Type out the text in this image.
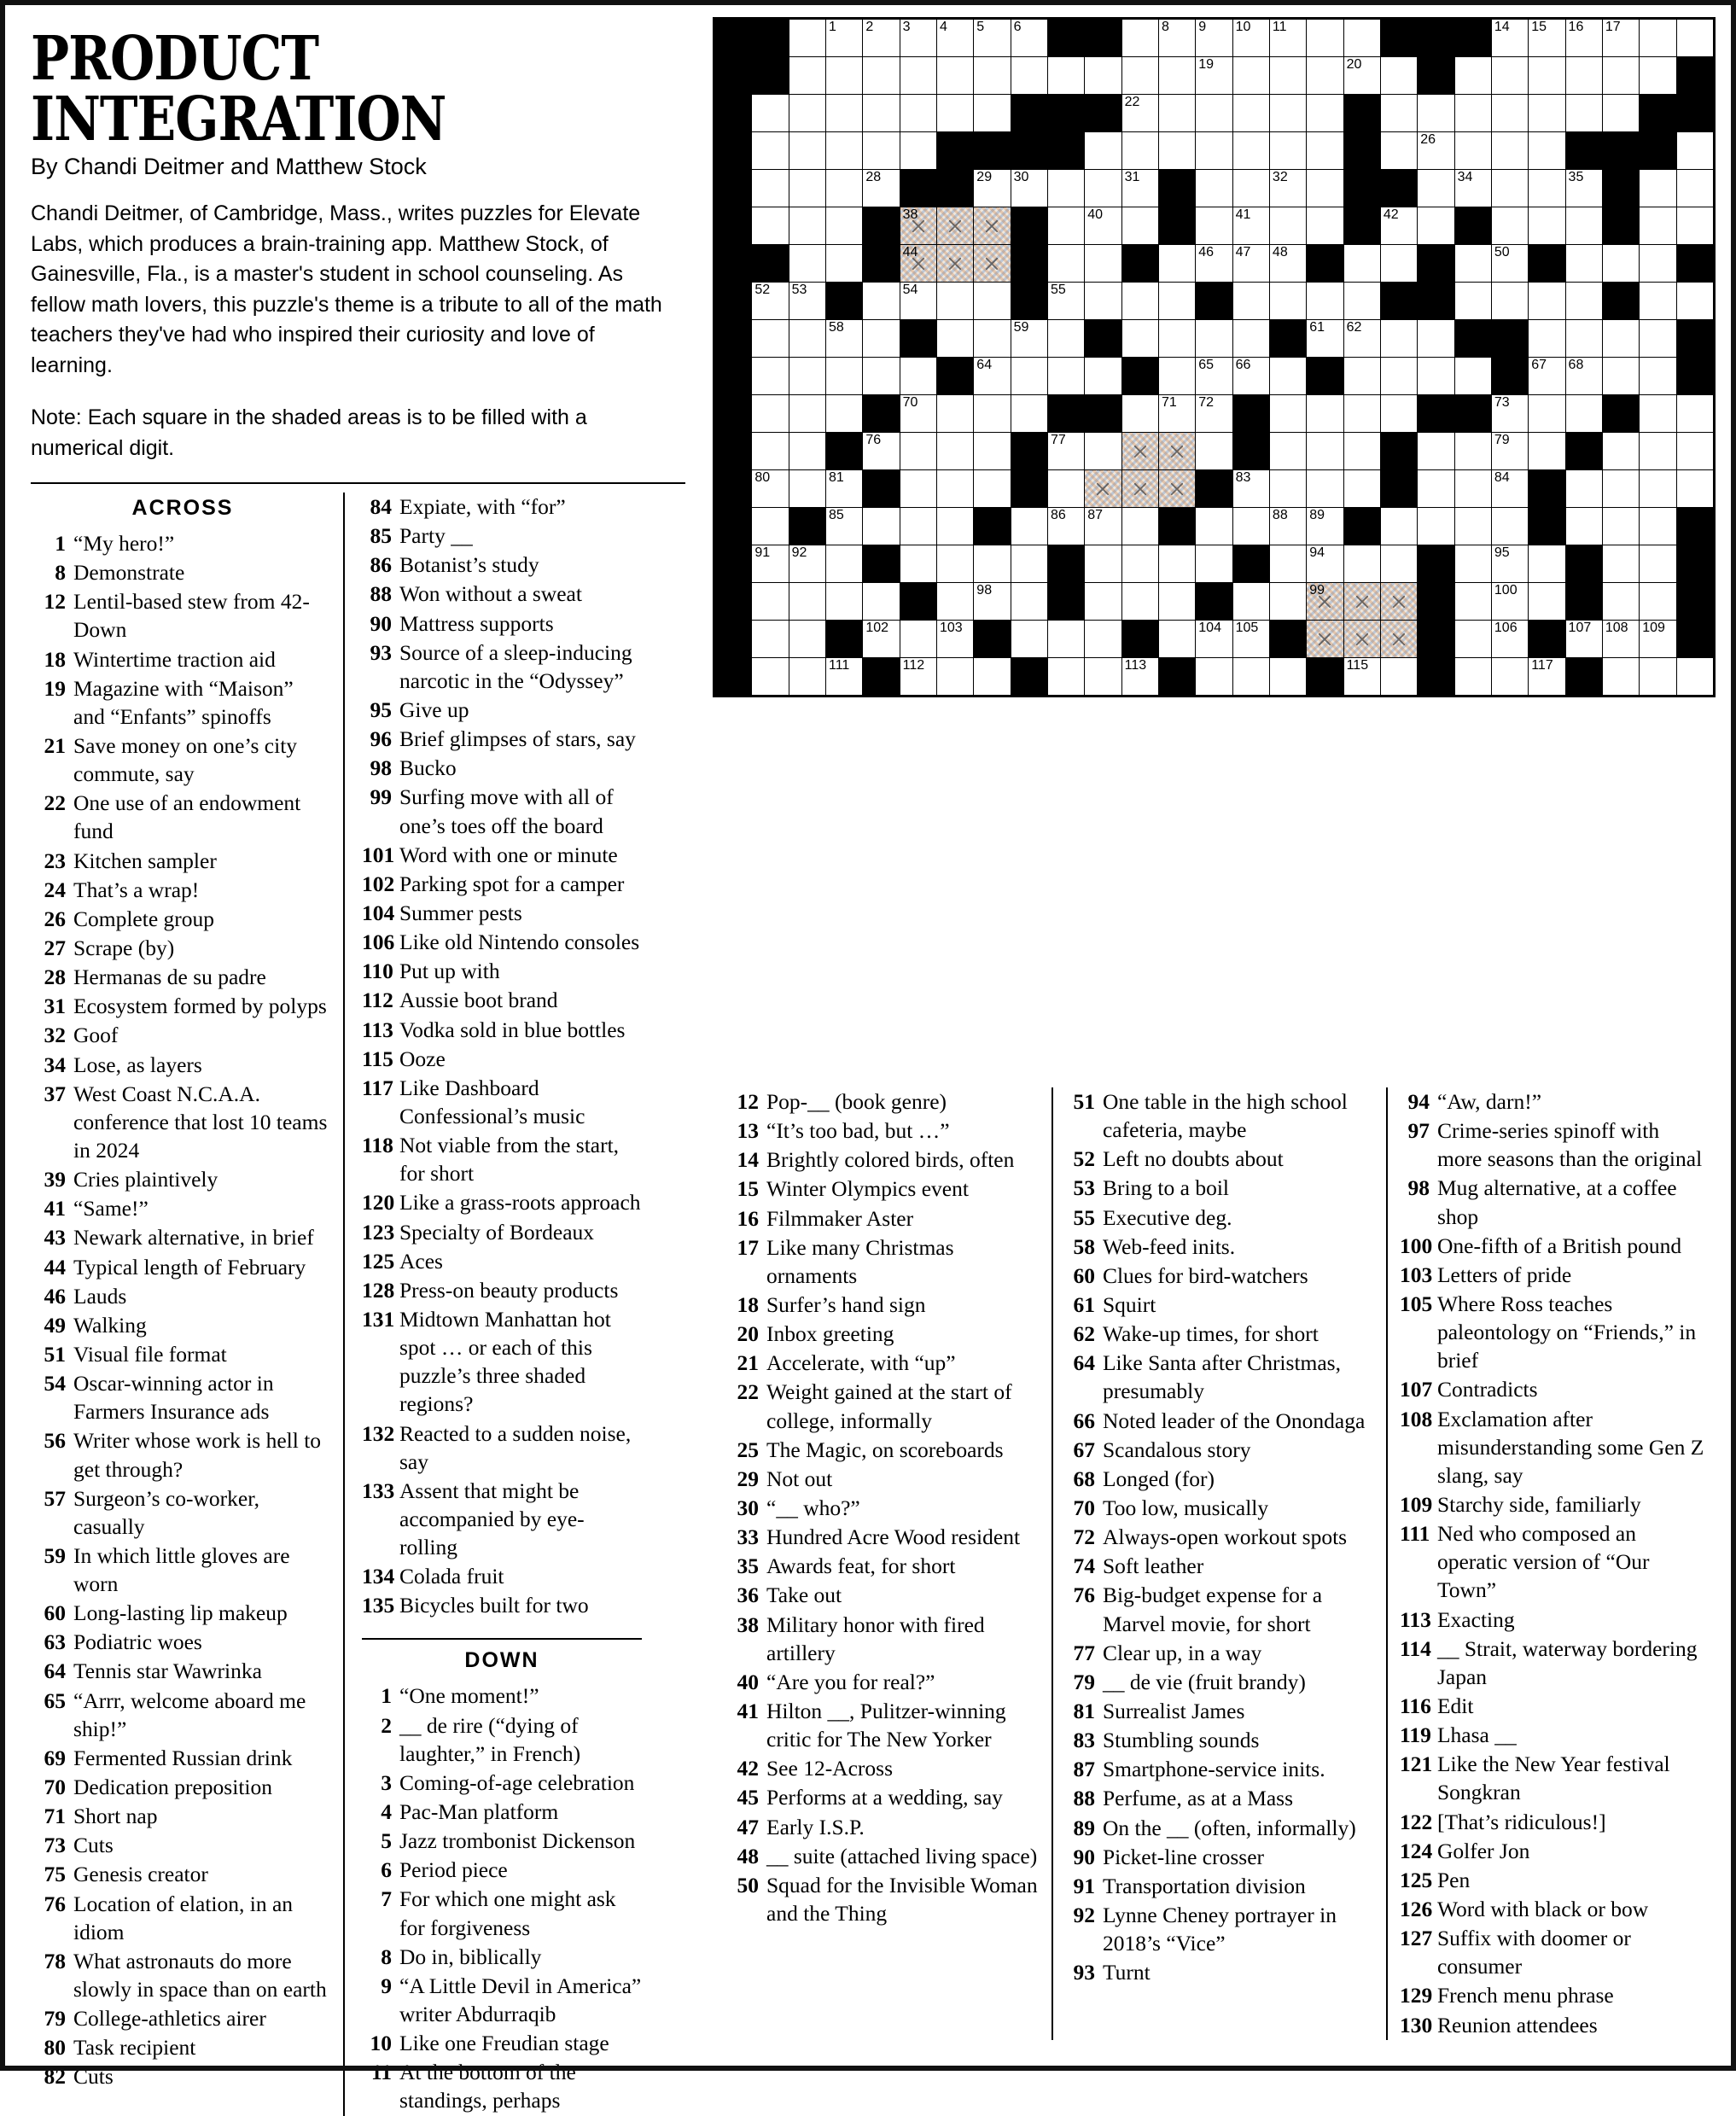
PRODUCT INTEGRATION
By Chandi Deitmer and Matthew Stock
Chandi Deitmer, of Cambridge, Mass., writes puzzles for Elevate Labs, which produces a brain-training app. Matthew Stock, of Gainesville, Fla., is a master's student in school counseling. As fellow math lovers, this puzzle's theme is a tribute to all of the math teachers they've had who inspired their curiosity and love of learning.
Note: Each square in the shaded areas is to be filled with a numerical digit.
ACROSS
1 “My hero!”
8 Demonstrate
12 Lentil-based stew from 42-Down
18 Wintertime traction aid
19 Magazine with “Maison” and “Enfants” spinoffs
21 Save money on one’s city commute, say
22 One use of an endowment fund
23 Kitchen sampler
24 That’s a wrap!
26 Complete group
27 Scrape (by)
28 Hermanas de su padre
31 Ecosystem formed by polyps
32 Goof
34 Lose, as layers
37 West Coast N.C.A.A. conference that lost 10 teams in 2024
39 Cries plaintively
41 “Same!”
43 Newark alternative, in brief
44 Typical length of February
46 Lauds
49 Walking
51 Visual file format
54 Oscar-winning actor in Farmers Insurance ads
56 Writer whose work is hell to get through?
57 Surgeon’s co-worker, casually
59 In which little gloves are worn
60 Long-lasting lip makeup
63 Podiatric woes
64 Tennis star Wawrinka
65 “Arrr, welcome aboard me ship!”
69 Fermented Russian drink
70 Dedication preposition
71 Short nap
73 Cuts
75 Genesis creator
76 Location of elation, in an idiom
78 What astronauts do more slowly in space than on earth
79 College-athletics airer
80 Task recipient
82 Cuts
84 Expiate, with “for”
85 Party __
86 Botanist’s study
88 Won without a sweat
90 Mattress supports
93 Source of a sleep-inducing narcotic in the “Odyssey”
95 Give up
96 Brief glimpses of stars, say
98 Bucko
99 Surfing move with all of one’s toes off the board
101 Word with one or minute
102 Parking spot for a camper
104 Summer pests
106 Like old Nintendo consoles
110 Put up with
112 Aussie boot brand
113 Vodka sold in blue bottles
115 Ooze
117 Like Dashboard Confessional’s music
118 Not viable from the start, for short
120 Like a grass-roots approach
123 Specialty of Bordeaux
125 Aces
128 Press-on beauty products
131 Midtown Manhattan hot spot … or each of this puzzle’s three shaded regions?
132 Reacted to a sudden noise, say
133 Assent that might be accompanied by eye-rolling
134 Colada fruit
135 Bicycles built for two
DOWN
1 “One moment!”
2 __ de rire (“dying of laughter,” in French)
3 Coming-of-age celebration
4 Pac-Man platform
5 Jazz trombonist Dickenson
6 Period piece
7 For which one might ask for forgiveness
8 Do in, biblically
9 “A Little Devil in America” writer Abdurraqib
10 Like one Freudian stage
11 At the bottom of the standings, perhaps

			1	2	3	4	5	6				8	9	10	11						14	15	16	17		

													19				20									

											22															

																			26							

				28			29	30			31				32					34			35			

					38					40				41				42								

					44								46	47	48						50					

	52	53			54				55																	

			58					59								61	62									

							64						65	66								67	68			

					70							71	72								73					

				76					77												79					

	80		81											83							84					

			85						86	87					88	89										

	91	92														94					95					

							98									99					100					

				102		103							104	105							106		107	108	109	

			111		112						113						115					117				

12 Pop-__ (book genre)
13 “It’s too bad, but …”
14 Brightly colored birds, often
15 Winter Olympics event
16 Filmmaker Aster
17 Like many Christmas ornaments
18 Surfer’s hand sign
20 Inbox greeting
21 Accelerate, with “up”
22 Weight gained at the start of college, informally
25 The Magic, on scoreboards
29 Not out
30 “__ who?”
33 Hundred Acre Wood resident
35 Awards feat, for short
36 Take out
38 Military honor with fired artillery
40 “Are you for real?”
41 Hilton __, Pulitzer-winning critic for The New Yorker
42 See 12-Across
45 Performs at a wedding, say
47 Early I.S.P.
48 __ suite (attached living space)
50 Squad for the Invisible Woman and the Thing
51 One table in the high school cafeteria, maybe
52 Left no doubts about
53 Bring to a boil
55 Executive deg.
58 Web-feed inits.
60 Clues for bird-watchers
61 Squirt
62 Wake-up times, for short
64 Like Santa after Christmas, presumably
66 Noted leader of the Onondaga
67 Scandalous story
68 Longed (for)
70 Too low, musically
72 Always-open workout spots
74 Soft leather
76 Big-budget expense for a Marvel movie, for short
77 Clear up, in a way
79 __ de vie (fruit brandy)
81 Surrealist James
83 Stumbling sounds
87 Smartphone-service inits.
88 Perfume, as at a Mass
89 On the __ (often, informally)
90 Picket-line crosser
91 Transportation division
92 Lynne Cheney portrayer in 2018’s “Vice”
93 Turnt
94 “Aw, darn!”
97 Crime-series spinoff with more seasons than the original
98 Mug alternative, at a coffee shop
100 One-fifth of a British pound
103 Letters of pride
105 Where Ross teaches paleontology on “Friends,” in brief
107 Contradicts
108 Exclamation after misunderstanding some Gen Z slang, say
109 Starchy side, familiarly
111 Ned who composed an operatic version of “Our Town”
113 Exacting
114 __ Strait, waterway bordering Japan
116 Edit
119 Lhasa __
121 Like the New Year festival Songkran
122 [That’s ridiculous!]
124 Golfer Jon
125 Pen
126 Word with black or bow
127 Suffix with doomer or consumer
129 French menu phrase
130 Reunion attendees
